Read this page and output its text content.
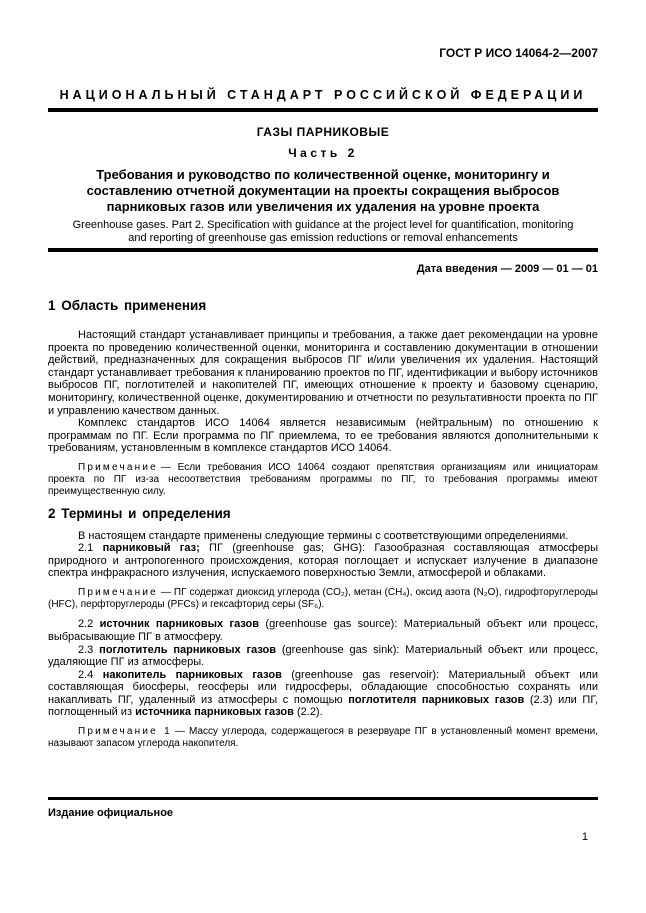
ГОСТ Р ИСО 14064-2—2007
НАЦИОНАЛЬНЫЙ СТАНДАРТ РОССИЙСКОЙ ФЕДЕРАЦИИ
ГАЗЫ ПАРНИКОВЫЕ
Часть 2
Требования и руководство по количественной оценке, мониторингу и составлению отчетной документации на проекты сокращения выбросов парниковых газов или увеличения их удаления на уровне проекта
Greenhouse gases. Part 2. Specification with guidance at the project level for quantification, monitoring and reporting of greenhouse gas emission reductions or removal enhancements
Дата введения — 2009 — 01 — 01
1 Область применения

Настоящий стандарт устанавливает принципы и требования, а также дает рекомендации на уровне проекта по проведению количественной оценки, мониторинга и составлению документации в отношении действий, предназначенных для сокращения выбросов ПГ и/или увеличения их удаления. Настоящий стандарт устанавливает требования к планированию проектов по ПГ, идентификации и выбору источников выбросов ПГ, поглотителей и накопителей ПГ, имеющих отношение к проекту и базовому сценарию, мониторингу, количественной оценке, документированию и отчетности по результативности проекта по ПГ и управлению качеством данных.

Комплекс стандартов ИСО 14064 является независимым (нейтральным) по отношению к программам по ПГ. Если программа по ПГ приемлема, то ее требования являются дополнительными к требованиям, установленным в комплексе стандартов ИСО 14064.

Примечание — Если требования ИСО 14064 создают препятствия организациям или инициаторам проекта по ПГ из-за несоответствия требованиям программы по ПГ, то требования программы имеют преимущественную силу.

2 Термины и определения

В настоящем стандарте применены следующие термины с соответствующими определениями.

2.1 парниковый газ; ПГ (greenhouse gas; GHG): Газообразная составляющая атмосферы природного и антропогенного происхождения, которая поглощает и испускает излучение в диапазоне спектра инфракрасного излучения, испускаемого поверхностью Земли, атмосферой и облаками.

Примечание — ПГ содержат диоксид углерода (CO₂), метан (CH₄), оксид азота (N₂O), гидрофторуглероды (HFC), перфторуглероды (PFCs) и гексафторид серы (SF₆).

2.2 источник парниковых газов (greenhouse gas source): Материальный объект или процесс, выбрасывающие ПГ в атмосферу.

2.3 поглотитель парниковых газов (greenhouse gas sink): Материальный объект или процесс, удаляющие ПГ из атмосферы.

2.4 накопитель парниковых газов (greenhouse gas reservoir): Материальный объект или составляющая биосферы, геосферы или гидросферы, обладающие способностью сохранять или накапливать ПГ, удаленный из атмосферы с помощью поглотителя парниковых газов (2.3) или ПГ, поглощенный из источника парниковых газов (2.2).

Примечание 1 — Массу углерода, содержащегося в резервуаре ПГ в установленный момент времени, называют запасом углерода накопителя.

Издание официальное
1
